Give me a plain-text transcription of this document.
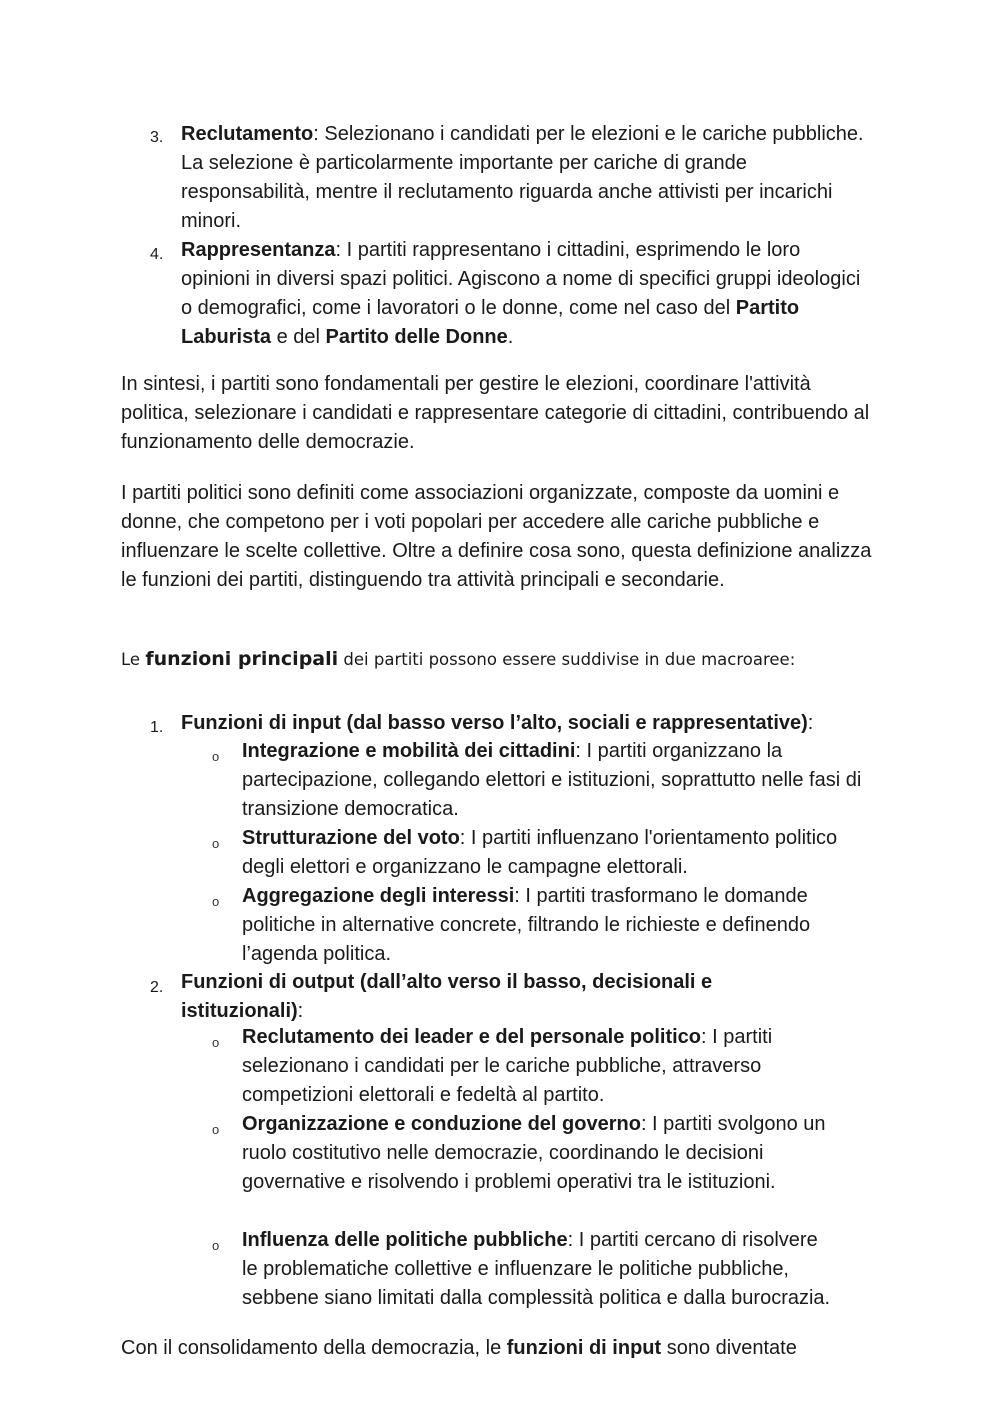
3. Reclutamento: Selezionano i candidati per le elezioni e le cariche pubbliche. La selezione è particolarmente importante per cariche di grande responsabilità, mentre il reclutamento riguarda anche attivisti per incarichi minori.
4. Rappresentanza: I partiti rappresentano i cittadini, esprimendo le loro opinioni in diversi spazi politici. Agiscono a nome di specifici gruppi ideologici o demografici, come i lavoratori o le donne, come nel caso del Partito Laburista e del Partito delle Donne.
In sintesi, i partiti sono fondamentali per gestire le elezioni, coordinare l'attività politica, selezionare i candidati e rappresentare categorie di cittadini, contribuendo al funzionamento delle democrazie.
I partiti politici sono definiti come associazioni organizzate, composte da uomini e donne, che competono per i voti popolari per accedere alle cariche pubbliche e influenzare le scelte collettive. Oltre a definire cosa sono, questa definizione analizza le funzioni dei partiti, distinguendo tra attività principali e secondarie.
Le funzioni principali dei partiti possono essere suddivise in due macroaree:
1. Funzioni di input (dal basso verso l’alto, sociali e rappresentative):
o Integrazione e mobilità dei cittadini: I partiti organizzano la partecipazione, collegando elettori e istituzioni, soprattutto nelle fasi di transizione democratica.
o Strutturazione del voto: I partiti influenzano l'orientamento politico degli elettori e organizzano le campagne elettorali.
o Aggregazione degli interessi: I partiti trasformano le domande politiche in alternative concrete, filtrando le richieste e definendo l’agenda politica.
2. Funzioni di output (dall’alto verso il basso, decisionali e istituzionali):
o Reclutamento dei leader e del personale politico: I partiti selezionano i candidati per le cariche pubbliche, attraverso competizioni elettorali e fedeltà al partito.
o Organizzazione e conduzione del governo: I partiti svolgono un ruolo costitutivo nelle democrazie, coordinando le decisioni governative e risolvendo i problemi operativi tra le istituzioni.
o Influenza delle politiche pubbliche: I partiti cercano di risolvere le problematiche collettive e influenzare le politiche pubbliche, sebbene siano limitati dalla complessità politica e dalla burocrazia.
Con il consolidamento della democrazia, le funzioni di input sono diventate
